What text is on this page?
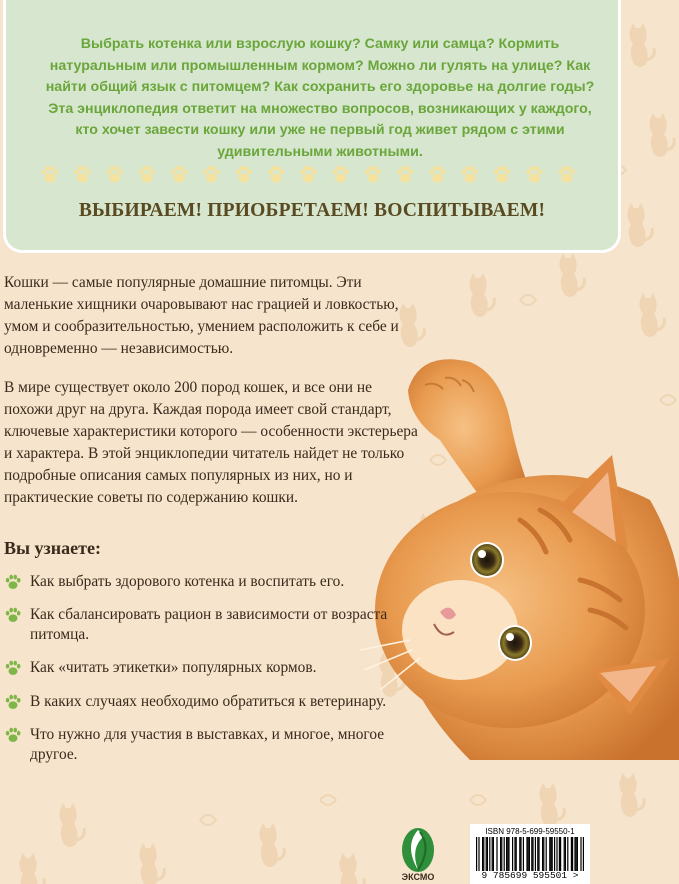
Выбрать котенка или взрослую кошку? Самку или самца? Кормить натуральным или промышленным кормом? Можно ли гулять на улице? Как найти общий язык с питомцем? Как сохранить его здоровье на долгие годы? Эта энциклопедия ответит на множество вопросов, возникающих у каждого, кто хочет завести кошку или уже не первый год живет рядом с этими удивительными животными.

ВЫБИРАЕМ! ПРИОБРЕТАЕМ! ВОСПИТЫВАЕМ!

Кошки — самые популярные домашние питомцы. Эти маленькие хищники очаровывают нас грацией и ловкостью, умом и сообразительностью, умением расположить к себе и одновременно — независимостью.

В мире существует около 200 пород кошек, и все они не похожи друг на друга. Каждая порода имеет свой стандарт, ключевые характеристики которого — особенности экстерьера и характера. В этой энциклопедии читатель найдет не только подробные описания самых популярных из них, но и практические советы по содержанию кошки.

Вы узнаете:
Как выбрать здорового котенка и воспитать его.
Как сбалансировать рацион в зависимости от возраста питомца.
Как «читать этикетки» популярных кормов.
В каких случаях необходимо обратиться к ветеринару.
Что нужно для участия в выставках, и многое, многое другое.
ЭКСМО
ISBN 978-5-699-59550-1
9 785699 595501 >
